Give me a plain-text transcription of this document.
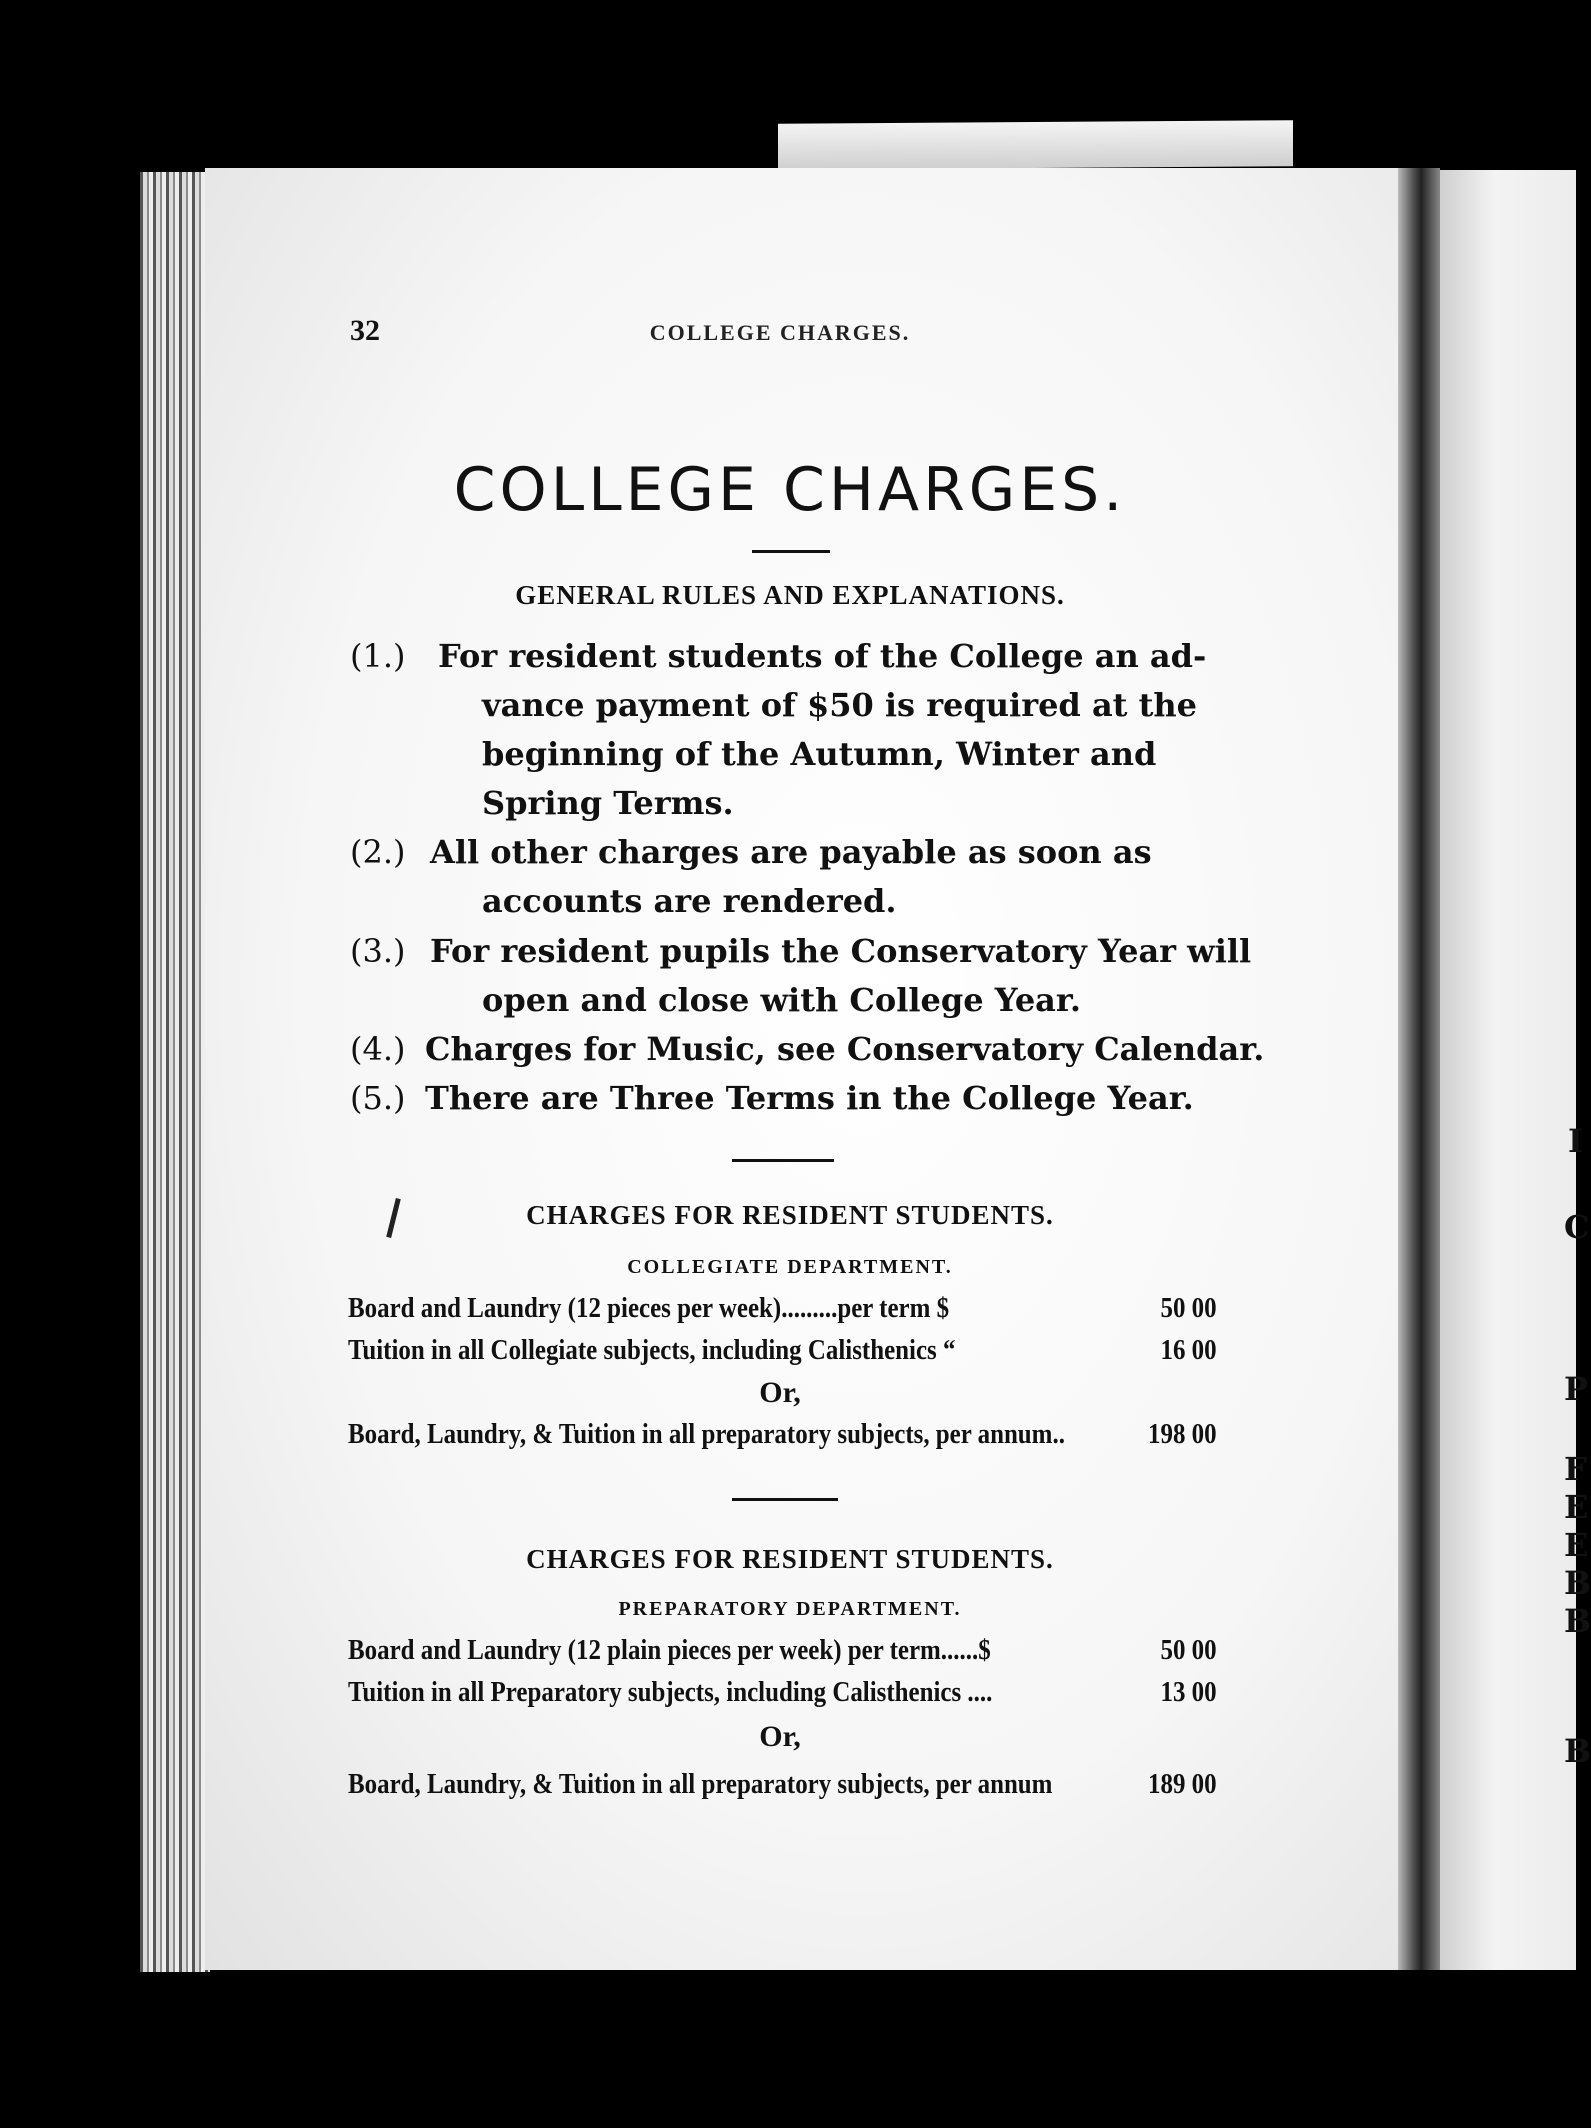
I
C
P
F
E
E
B
B
B
32	COLLEGE CHARGES.
COLLEGE CHARGES.
GENERAL RULES AND EXPLANATIONS.
(1.) For resident students of the College an ad-
vance payment of $50 is required at the
beginning of the Autumn, Winter and
Spring Terms.
(2.) All other charges are payable as soon as
accounts are rendered.
(3.) For resident pupils the Conservatory Year will
open and close with College Year.
(4.) Charges for Music, see Conservatory Calendar.
(5.) There are Three Terms in the College Year.
CHARGES FOR RESIDENT STUDENTS.
COLLEGIATE DEPARTMENT.
Board and Laundry (12 pieces per week).........per term $	50 00
Tuition in all Collegiate subjects, including Calisthenics “	16 00
Or,
Board, Laundry, & Tuition in all preparatory subjects, per annum..	198 00
CHARGES FOR RESIDENT STUDENTS.
PREPARATORY DEPARTMENT.
Board and Laundry (12 plain pieces per week) per term......$	50 00
Tuition in all Preparatory subjects, including Calisthenics ....	13 00
Or,
Board, Laundry, & Tuition in all preparatory subjects, per annum	189 00
